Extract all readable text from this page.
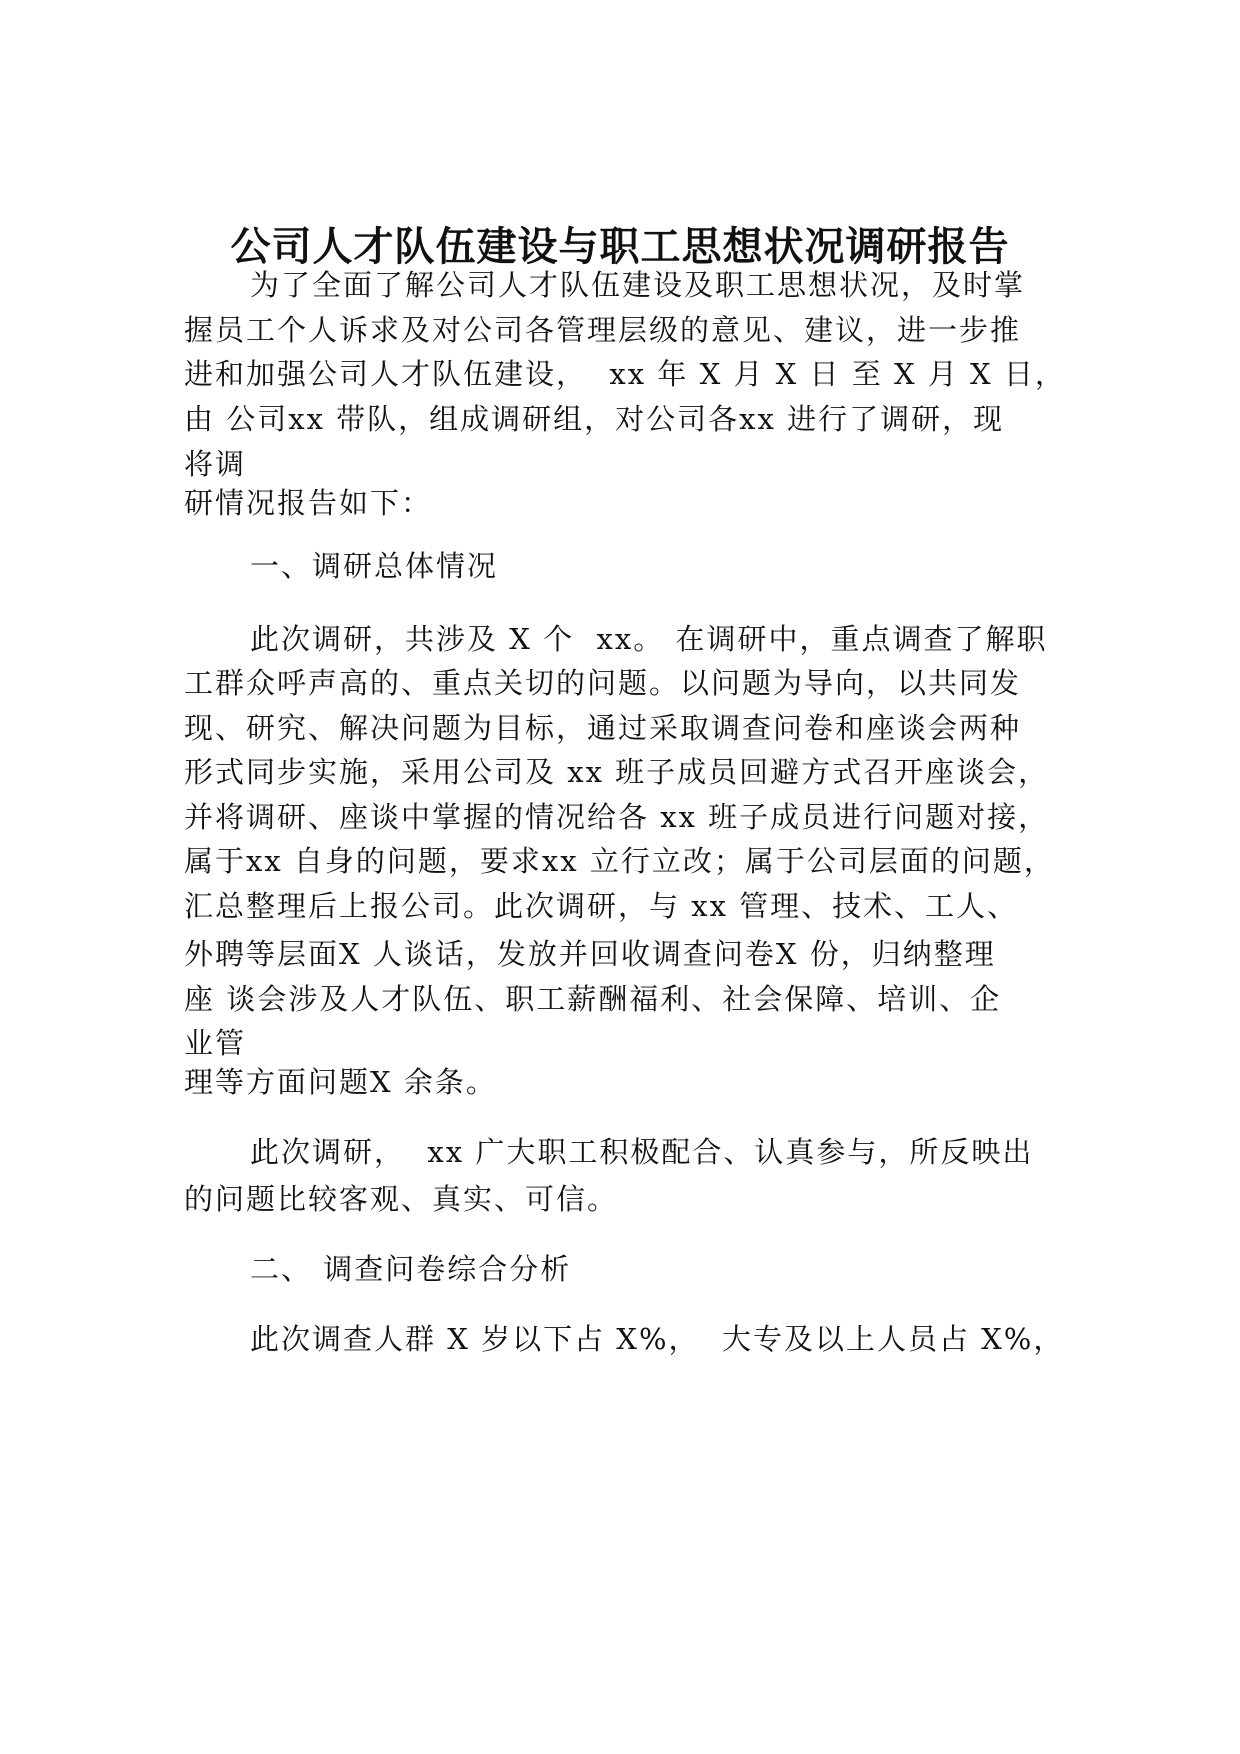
公司人才队伍建设与职工思想状况调研报告
为了全面了解公司人才队伍建设及职工思想状况，及时掌
握员工个人诉求及对公司各管理层级的意见、建议，进一步推
进和加强公司人才队伍建设，  xx 年 X 月 X 日 至 X 月 X 日，
由 公司xx 带队，组成调研组，对公司各xx 进行了调研，现
将调
研情况报告如下：
一、调研总体情况
此次调研，共涉及 X 个  xx。 在调研中，重点调查了解职
工群众呼声高的、重点关切的问题。以问题为导向，以共同发
现、研究、解决问题为目标，通过采取调查问卷和座谈会两种
形式同步实施，采用公司及 xx 班子成员回避方式召开座谈会，
并将调研、座谈中掌握的情况给各 xx 班子成员进行问题对接，
属于xx 自身的问题，要求xx 立行立改；属于公司层面的问题，
汇总整理后上报公司。此次调研，与 xx 管理、技术、工人、
外聘等层面X 人谈话，发放并回收调查问卷X 份，归纳整理
座 谈会涉及人才队伍、职工薪酬福利、社会保障、培训、企
业管
理等方面问题X 余条。
此次调研，  xx 广大职工积极配合、认真参与，所反映出
的问题比较客观、真实、可信。
二、 调查问卷综合分析
此次调查人群 X 岁以下占 X%，  大专及以上人员占 X%，
